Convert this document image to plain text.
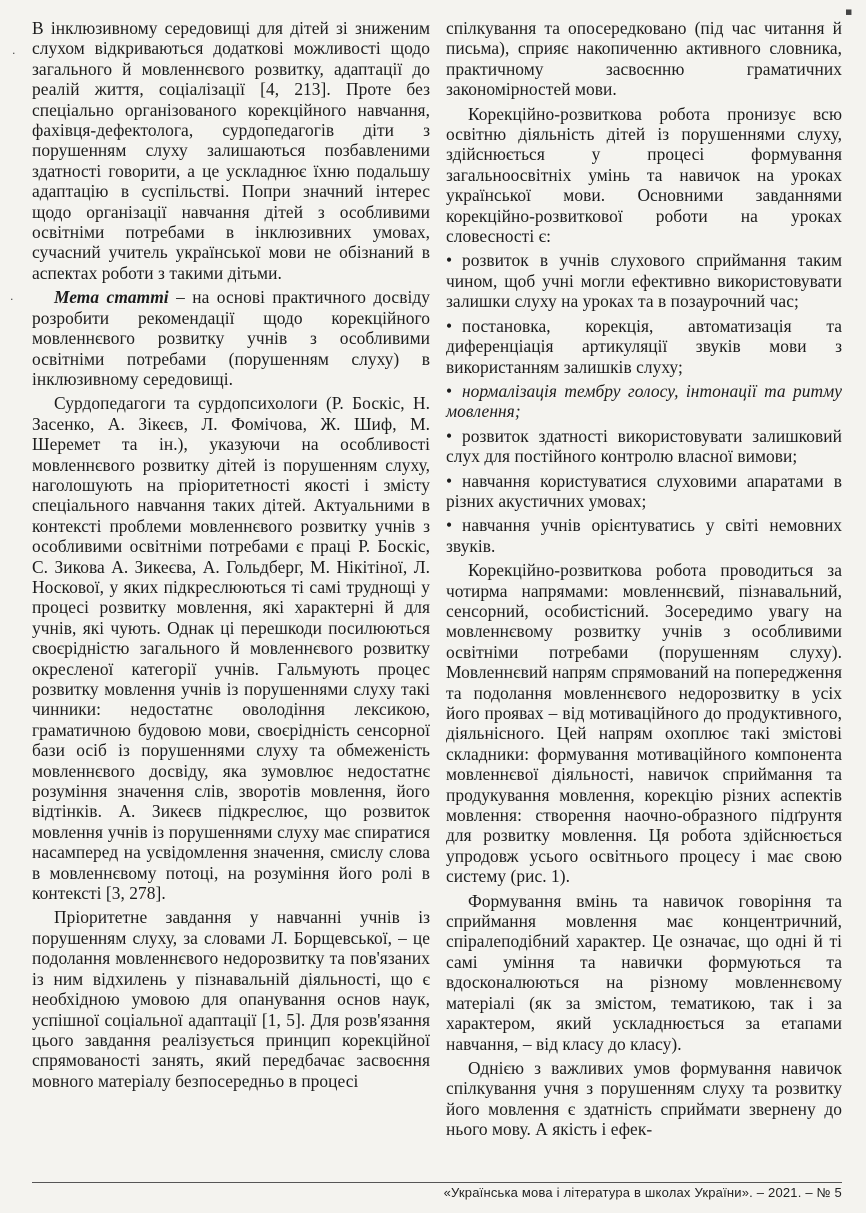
В інклюзивному середовищі для дітей зі зниженим слухом відкриваються додаткові можливості щодо загального й мовленнєвого розвитку, адаптації до реалій життя, соціалізації [4, 213]. Проте без спеціально організованого корекційного навчання, фахівця-дефектолога, сурдопедагогів діти з порушенням слуху залишаються позбавленими здатності говорити, а це ускладнює їхню подальшу адаптацію в суспільстві. Попри значний інтерес щодо організації навчання дітей з особливими освітніми потребами в інклюзивних умовах, сучасний учитель української мови не обізнаний в аспектах роботи з такими дітьми.

Мета статті – на основі практичного досвіду розробити рекомендації щодо корекційного мовленнєвого розвитку учнів з особливими освітніми потребами (порушенням слуху) в інклюзивному середовищі.

Сурдопедагоги та сурдопсихологи (Р. Боскіс, Н. Засенко, А. Зікеєв, Л. Фомічова, Ж. Шиф, М. Шеремет та ін.), указуючи на особливості мовленнєвого розвитку дітей із порушенням слуху, наголошують на пріоритетності якості і змісту спеціального навчання таких дітей. Актуальними в контексті проблеми мовленнєвого розвитку учнів з особливими освітніми потребами є праці Р. Боскіс, С. Зикова А. Зикеєва, А. Гольдберг, М. Нікітіної, Л. Носкової, у яких підкреслюються ті самі труднощі у процесі розвитку мовлення, які характерні й для учнів, які чують. Однак ці перешкоди посилюються своєрідністю загального й мовленнєвого розвитку окресленої категорії учнів. Гальмують процес розвитку мовлення учнів із порушеннями слуху такі чинники: недостатнє оволодіння лексикою, граматичною будовою мови, своєрідність сенсорної бази осіб із порушеннями слуху та обмеженість мовленнєвого досвіду, яка зумовлює недостатнє розуміння значення слів, зворотів мовлення, його відтінків. А. Зикеєв підкреслює, що розвиток мовлення учнів із порушеннями слуху має спиратися насамперед на усвідомлення значення, смислу слова в мовленнєвому потоці, на розуміння його ролі в контексті [3, 278].

Пріоритетне завдання у навчанні учнів із порушенням слуху, за словами Л. Борщевської, – це подолання мовленнєвого недорозвитку та пов'язаних із ним відхилень у пізнавальній діяльності, що є необхідною умовою для опанування основ наук, успішної соціальної адаптації [1, 5]. Для розв'язання цього завдання реалізується принцип корекційної спрямованості занять, який передбачає засвоєння мовного матеріалу безпосередньо в процесі

спілкування та опосередковано (під час читання й письма), сприяє накопиченню активного словника, практичному засвоєнню граматичних закономірностей мови.

Корекційно-розвиткова робота пронизує всю освітню діяльність дітей із порушеннями слуху, здійснюється у процесі формування загальноосвітніх умінь та навичок на уроках української мови. Основними завданнями корекційно-розвиткової роботи на уроках словесності є:

• розвиток в учнів слухового сприймання таким чином, щоб учні могли ефективно використовувати залишки слуху на уроках та в позаурочний час;

• постановка, корекція, автоматизація та диференціація артикуляції звуків мови з використанням залишків слуху;

• нормалізація тембру голосу, інтонації та ритму мовлення;

• розвиток здатності використовувати залишковий слух для постійного контролю власної вимови;

• навчання користуватися слуховими апаратами в різних акустичних умовах;

• навчання учнів орієнтуватись у світі немовних звуків.

Корекційно-розвиткова робота проводиться за чотирма напрямами: мовленнєвий, пізнавальний, сенсорний, особистісний. Зосередимо увагу на мовленнєвому розвитку учнів з особливими освітніми потребами (порушенням слуху). Мовленнєвий напрям спрямований на попередження та подолання мовленнєвого недорозвитку в усіх його проявах – від мотиваційного до продуктивного, діяльнісного. Цей напрям охоплює такі змістові складники: формування мотиваційного компонента мовленнєвої діяльності, навичок сприймання та продукування мовлення, корекцію різних аспектів мовлення: створення наочно-образного підґрунтя для розвитку мовлення. Ця робота здійснюється упродовж усього освітнього процесу і має свою систему (рис. 1).

Формування вмінь та навичок говоріння та сприймання мовлення має концентричний, спіралеподібний характер. Це означає, що одні й ті самі уміння та навички формуються та вдосконалюються на різному мовленнєвому матеріалі (як за змістом, тематикою, так і за характером, який ускладнюється за етапами навчання, – від класу до класу).

Однією з важливих умов формування навичок спілкування учня з порушенням слуху та розвитку його мовлення є здатність сприймати звернену до нього мову. А якість і ефек-

«Українська мова і література в школах України». – 2021. – № 5
·
·
▪
